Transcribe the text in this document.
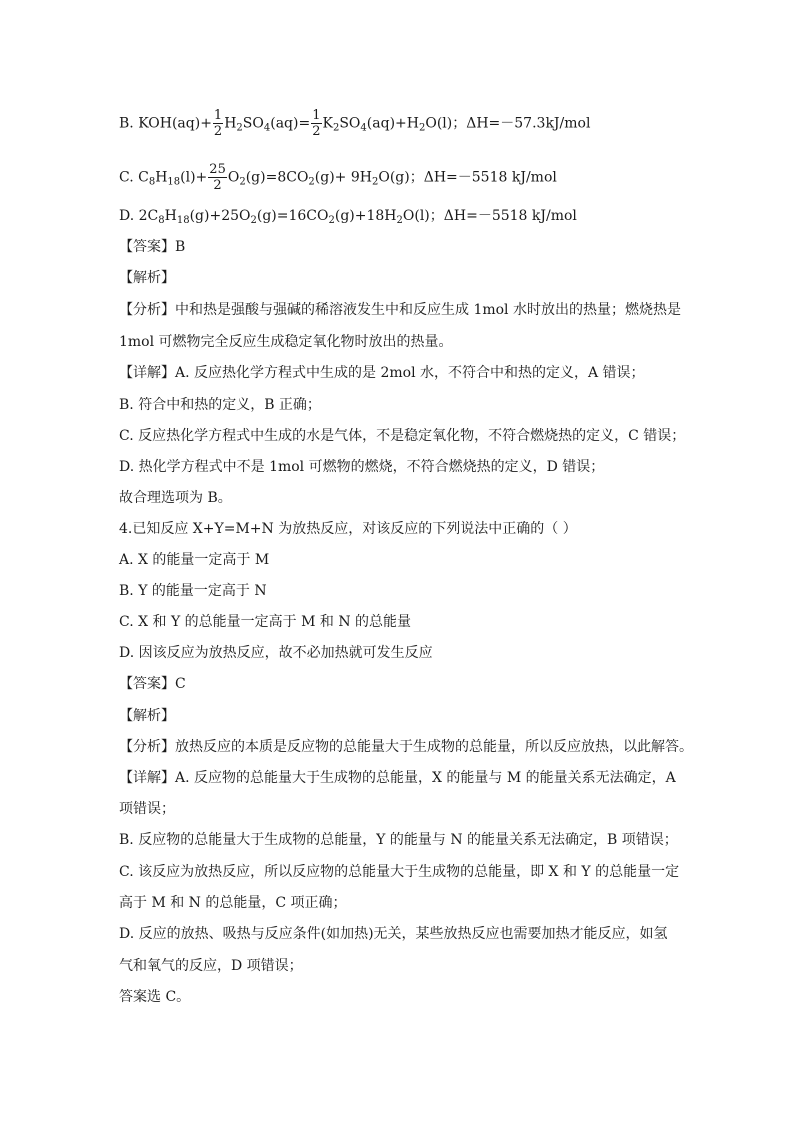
B. $KOH(aq)+ \frac{1}{2} H_2SO_4(aq)= \frac{1}{2} K_2SO_4(aq)+H_2O(l)$；ΔH=－57.3kJ/mol
C. $C_8H_{18}(l)+ \frac{25}{2} O_2(g)=8CO_2(g)+ 9H_2O(g)$；ΔH=－5518 kJ/mol
D. $2C_8H_{18}(g)+25O_2(g)=16CO_2(g)+18H_2O(l)$；ΔH=－5518 kJ/mol
【答案】B
【解析】
【分析】中和热是强酸与强碱的稀溶液发生中和反应生成 1mol 水时放出的热量；燃烧热是
1mol 可燃物完全反应生成稳定氧化物时放出的热量。
【详解】A. 反应热化学方程式中生成的是 2mol 水，不符合中和热的定义，A 错误；
B. 符合中和热的定义，B 正确；
C. 反应热化学方程式中生成的水是气体，不是稳定氧化物，不符合燃烧热的定义，C 错误；
D. 热化学方程式中不是 1mol 可燃物的燃烧，不符合燃烧热的定义，D 错误；
故合理选项为 B。
4.已知反应 X+Y=M+N 为放热反应，对该反应的下列说法中正确的（ ）
A. X 的能量一定高于 M
B. Y 的能量一定高于 N
C. X 和 Y 的总能量一定高于 M 和 N 的总能量
D. 因该反应为放热反应，故不必加热就可发生反应
【答案】C
【解析】
【分析】放热反应的本质是反应物的总能量大于生成物的总能量，所以反应放热，以此解答。
【详解】A. 反应物的总能量大于生成物的总能量，X 的能量与 M 的能量关系无法确定，A
项错误；
B. 反应物的总能量大于生成物的总能量，Y 的能量与 N 的能量关系无法确定，B 项错误；
C. 该反应为放热反应，所以反应物的总能量大于生成物的总能量，即 X 和 Y 的总能量一定
高于 M 和 N 的总能量，C 项正确；
D. 反应的放热、吸热与反应条件(如加热)无关，某些放热反应也需要加热才能反应，如氢
气和氧气的反应，D 项错误；
答案选 C。
